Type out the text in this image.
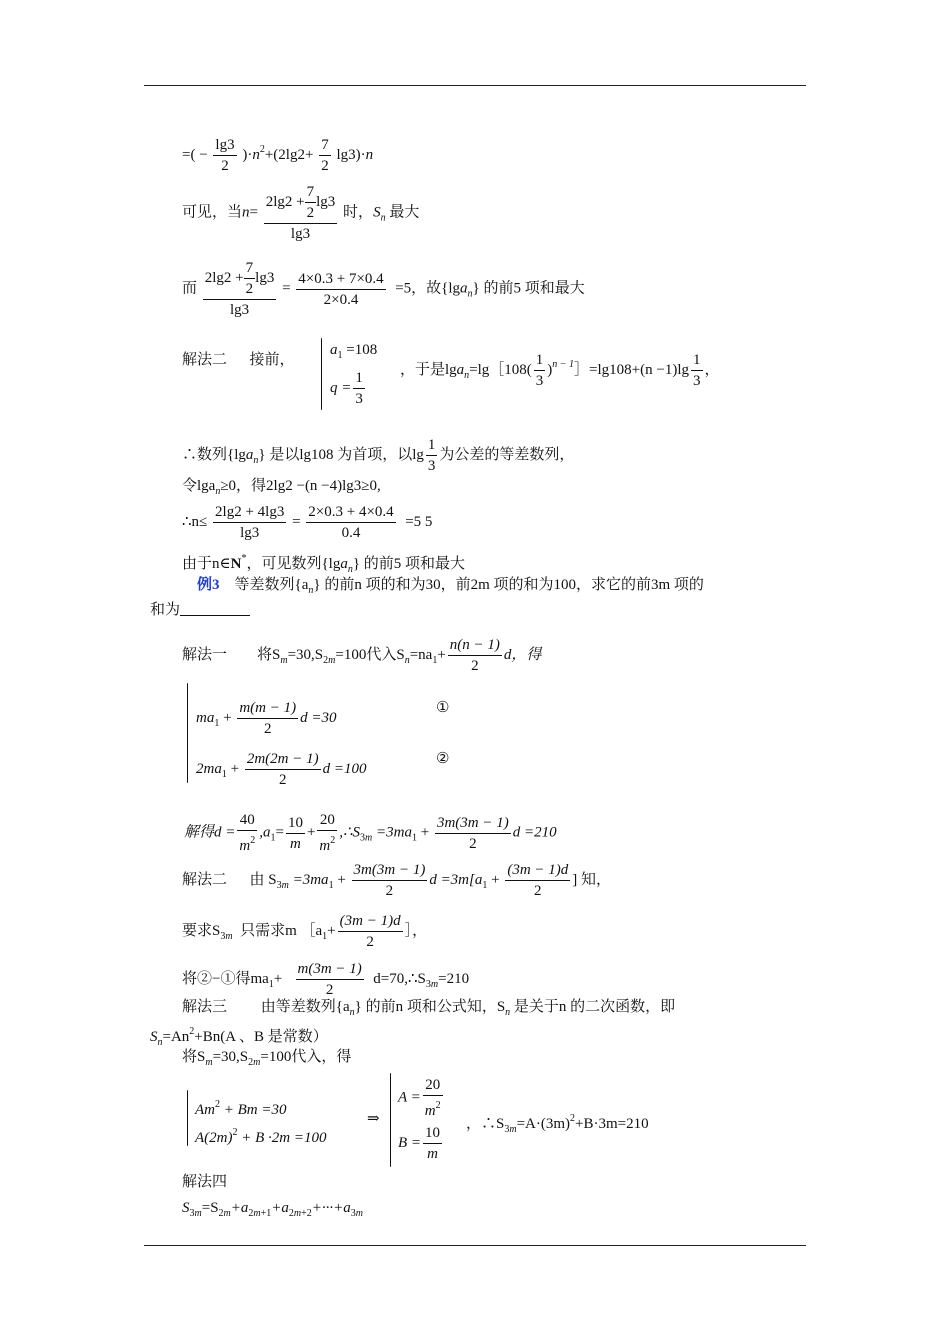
=( − $\frac{\lg 3}{2} )\cdot n^2+(2\lg 2+ \frac{7}{2} \lg 3)\cdot n$
可见，当$n= \frac{2\lg 2 + \frac{7}{2} \lg 3}{\lg 3}$ 时，$S_n$ 最大
而 $\frac{2\lg 2 + \frac{7}{2} \lg 3}{\lg 3} = \frac{4\times 0.3 + 7\times 0.4}{2\times 0.4} =5$，故{lga$_n$} 的前5 项和最大
解法二 接前，
$a_1 =108$
$q = \frac{1}{3}$ ，于是lga$_n$=lg［108( $\frac{1}{3}$ )$^{n - 1}$］=lg108+(n $-1)\lg \frac{1}{3}$ ，
∴数列{lga$_n$} 是以lg108 为首项，以$\lg \frac{1}{3}$ 为公差的等差数列，
令lga$_n$≥0，得2lg2 −(n −4)lg3≥0,
∴n≤ $\frac{2\lg 2 + 4\lg 3}{\lg 3} = \frac{2\times 0.3 + 4\times 0.4}{0.4} =5$ 5
由于n∈N*，可见数列{lga$_n$} 的前5 项和最大
例3 等差数列$\{a_n\}$ 的前n 项的和为30，前2m 项的和为100，求它的前3m 项的
和为
解法一 将$S_m=30,S_{2m}=100$代入$S_n=na_1+ \frac{n(n - 1)}{2}$ d，得
$ma_1 + \frac{m(m - 1)}{2}$ d =30
①
$2ma_1 + \frac{2m(2m - 1)}{2}$ d =100
②
解得$d = \frac{40}{m^2} ,a_1= \frac{10}{m} + \frac{20}{m^2}$ $,\therefore S_{3m} =3ma_1 + \frac{3m(3m - 1)}{2}$ d =210
解法二 由 $S_{3m} =3ma_1 + \frac{3m(3m - 1)}{2}$ $d =3m[a_1 + \frac{(3m - 1)d}{2}$ ] 知，
要求$S_{3m}$ 只需求m $[a_1+ \frac{(3m - 1)d}{2}$ ］，
将②−①得$ma_1+ \frac{m(3m - 1)}{2}$ $d=70,\therefore S_{3m}=210$
解法三 由等差数列$\{a_n\}$ 的前n 项和公式知，$S_n$ 是关于n 的二次函数，即
$S_n=An^2+Bn(A$ 、B 是常数）
将$S_m=30,S_{2m}=100$代入，得
$Am^2 + Bm =30$
$A(2m)^2 + B \cdot 2m =100$
⇒
$A = \frac{20}{m^2}$
$B = \frac{10}{m}$ ，$\therefore S_{3m}=A\cdot(3m)^2+B\cdot 3m=210$
解法四
$S_{3m}=S_{2m}+a_{2m+1}+a_{2m+2}+\cdot\cdot\cdot+a_{3m}$
